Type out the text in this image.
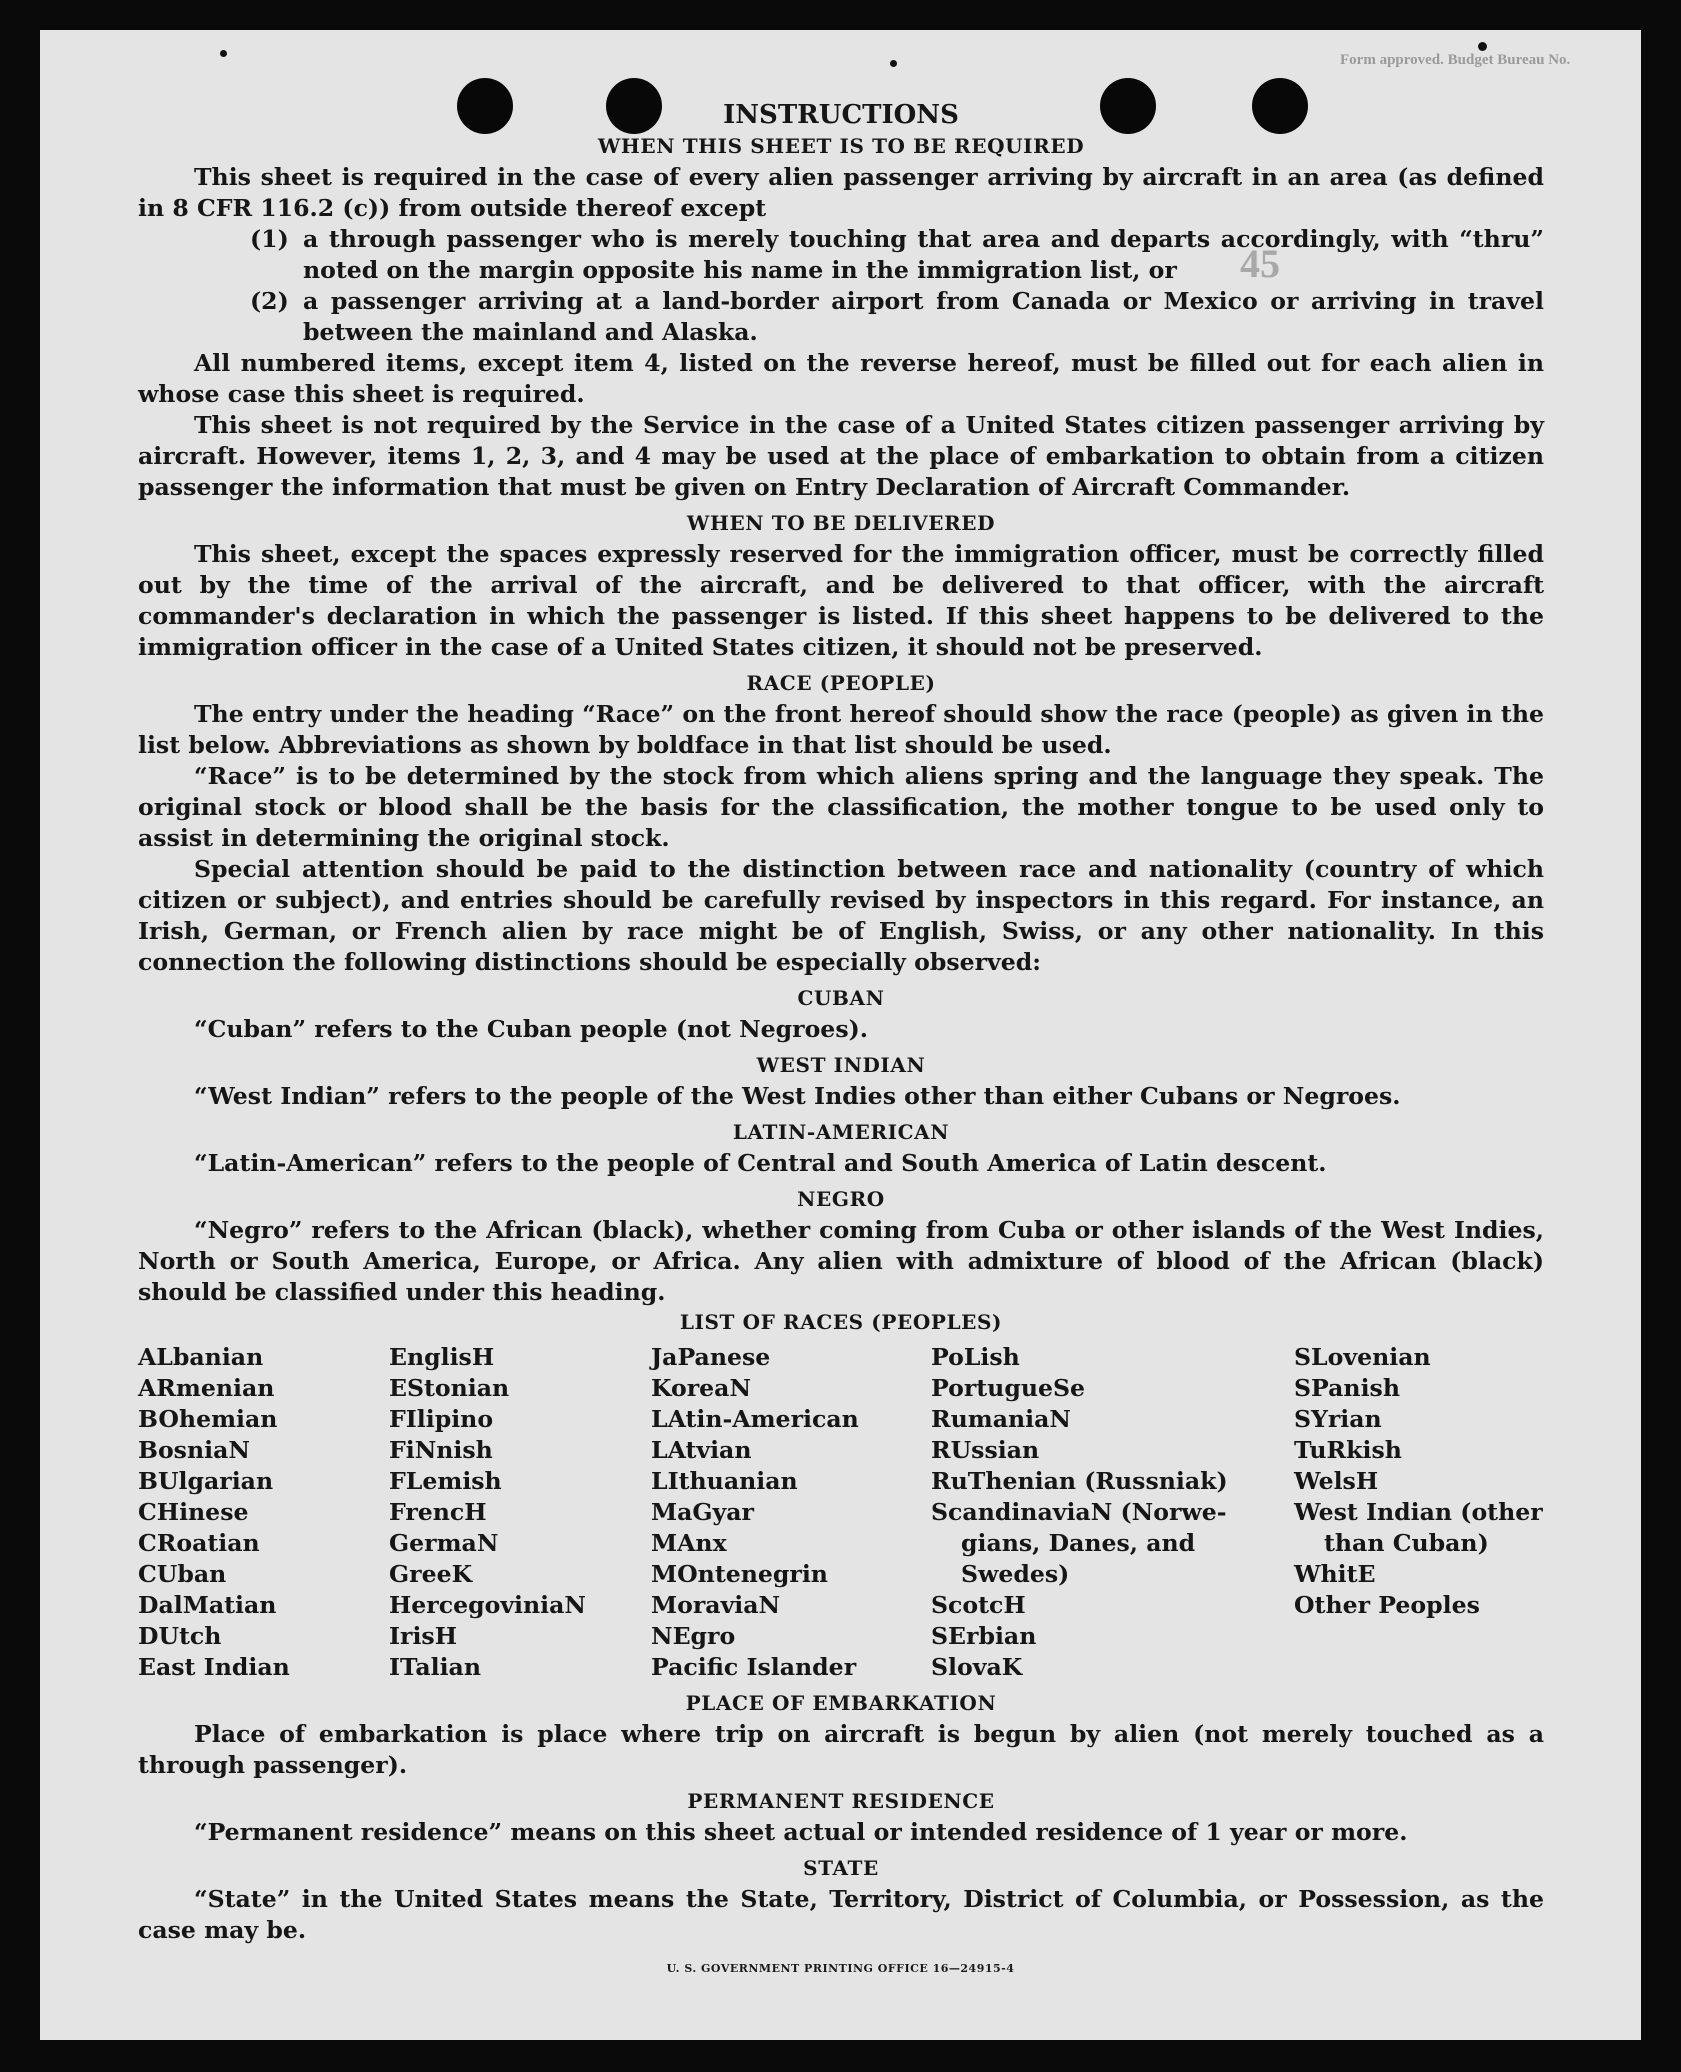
Form approved. Budget Bureau No.
45
INSTRUCTIONS
WHEN THIS SHEET IS TO BE REQUIRED

This sheet is required in the case of every alien passenger arriving by aircraft in an area (as defined in 8 CFR 116.2 (c)) from outside thereof except

(1) a through passenger who is merely touching that area and departs accordingly, with “thru” noted on the margin opposite his name in the immigration list, or
(2) a passenger arriving at a land-border airport from Canada or Mexico or arriving in travel between the mainland and Alaska.

All numbered items, except item 4, listed on the reverse hereof, must be filled out for each alien in whose case this sheet is required.

This sheet is not required by the Service in the case of a United States citizen passenger arriving by aircraft. However, items 1, 2, 3, and 4 may be used at the place of embarkation to obtain from a citizen passenger the information that must be given on Entry Declaration of Aircraft Commander.

WHEN TO BE DELIVERED

This sheet, except the spaces expressly reserved for the immigration officer, must be correctly filled out by the time of the arrival of the aircraft, and be delivered to that officer, with the aircraft commander's declaration in which the passenger is listed. If this sheet happens to be delivered to the immigration officer in the case of a United States citizen, it should not be preserved.

RACE (PEOPLE)

The entry under the heading “Race” on the front hereof should show the race (people) as given in the list below. Abbreviations as shown by boldface in that list should be used.

“Race” is to be determined by the stock from which aliens spring and the language they speak. The original stock or blood shall be the basis for the classification, the mother tongue to be used only to assist in determining the original stock.

Special attention should be paid to the distinction between race and nationality (country of which citizen or subject), and entries should be carefully revised by inspectors in this regard. For instance, an Irish, German, or French alien by race might be of English, Swiss, or any other nationality. In this connection the following distinctions should be especially observed:

CUBAN

“Cuban” refers to the Cuban people (not Negroes).

WEST INDIAN

“West Indian” refers to the people of the West Indies other than either Cubans or Negroes.

LATIN-AMERICAN

“Latin-American” refers to the people of Central and South America of Latin descent.

NEGRO

“Negro” refers to the African (black), whether coming from Cuba or other islands of the West Indies, North or South America, Europe, or Africa. Any alien with admixture of blood of the African (black) should be classified under this heading.

LIST OF RACES (PEOPLES)
ALbanian
ARmenian
BOhemian
BosniaN
BUlgarian
CHinese
CRoatian
CUban
DalMatian
DUtch
East Indian
EnglisH
EStonian
FIlipino
FiNnish
FLemish
FrencH
GermaN
GreeK
HercegoviniaN
IrisH
ITalian
JaPanese
KoreaN
LAtin-American
LAtvian
LIthuanian
MaGyar
MAnx
MOntenegrin
MoraviaN
NEgro
Pacific Islander
PoLish
PortugueSe
RumaniaN
RUssian
RuThenian (Russniak)
ScandinaviaN (Norwe-
gians, Danes, and
Swedes)
ScotcH
SErbian
SlovaK
SLovenian
SPanish
SYrian
TuRkish
WelsH
West Indian (other
than Cuban)
WhitE
Other Peoples
PLACE OF EMBARKATION

Place of embarkation is place where trip on aircraft is begun by alien (not merely touched as a through passenger).

PERMANENT RESIDENCE

“Permanent residence” means on this sheet actual or intended residence of 1 year or more.

STATE

“State” in the United States means the State, Territory, District of Columbia, or Possession, as the case may be.

U. S. GOVERNMENT PRINTING OFFICE 16—24915-4
